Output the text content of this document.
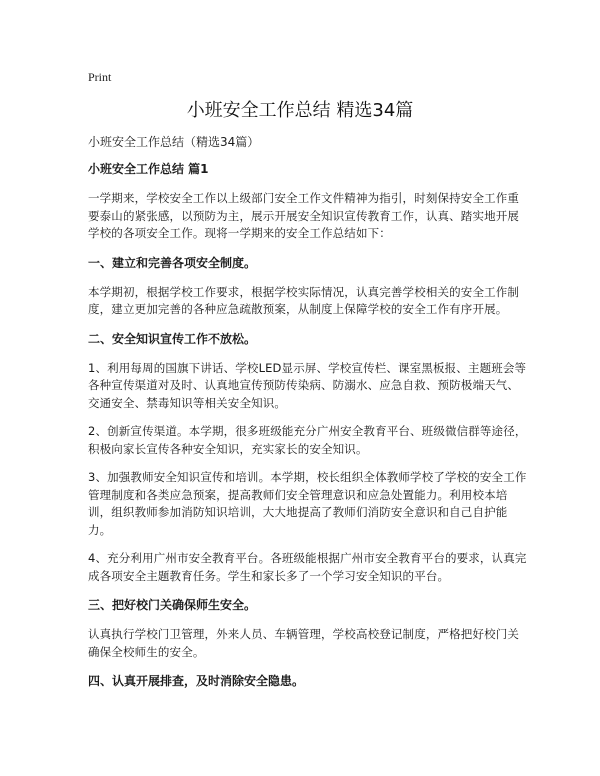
Print
小班安全工作总结 精选34篇
小班安全工作总结（精选34篇）
小班安全工作总结 篇1
一学期来，学校安全工作以上级部门安全工作文件精神为指引，时刻保持安全工作重要泰山的紧张感，以预防为主，展示开展安全知识宣传教育工作，认真、踏实地开展学校的各项安全工作。现将一学期来的安全工作总结如下：
一、建立和完善各项安全制度。
本学期初，根据学校工作要求，根据学校实际情况，认真完善学校相关的安全工作制度，建立更加完善的各种应急疏散预案，从制度上保障学校的安全工作有序开展。
二、安全知识宣传工作不放松。
1、利用每周的国旗下讲话、学校LED显示屏、学校宣传栏、课室黑板报、主题班会等各种宣传渠道对及时、认真地宣传预防传染病、防溺水、应急自救、预防极端天气、交通安全、禁毒知识等相关安全知识。
2、创新宣传渠道。本学期，很多班级能充分广州安全教育平台、班级微信群等途径，积极向家长宣传各种安全知识，充实家长的安全知识。
3、加强教师安全知识宣传和培训。本学期，校长组织全体教师学校了学校的安全工作管理制度和各类应急预案，提高教师们安全管理意识和应急处置能力。利用校本培训，组织教师参加消防知识培训，大大地提高了教师们消防安全意识和自己自护能力。
4、充分利用广州市安全教育平台。各班级能根据广州市安全教育平台的要求，认真完成各项安全主题教育任务。学生和家长多了一个学习安全知识的平台。
三、把好校门关确保师生安全。
认真执行学校门卫管理，外来人员、车辆管理，学校高校登记制度，严格把好校门关确保全校师生的安全。
四、认真开展排查，及时消除安全隐患。
